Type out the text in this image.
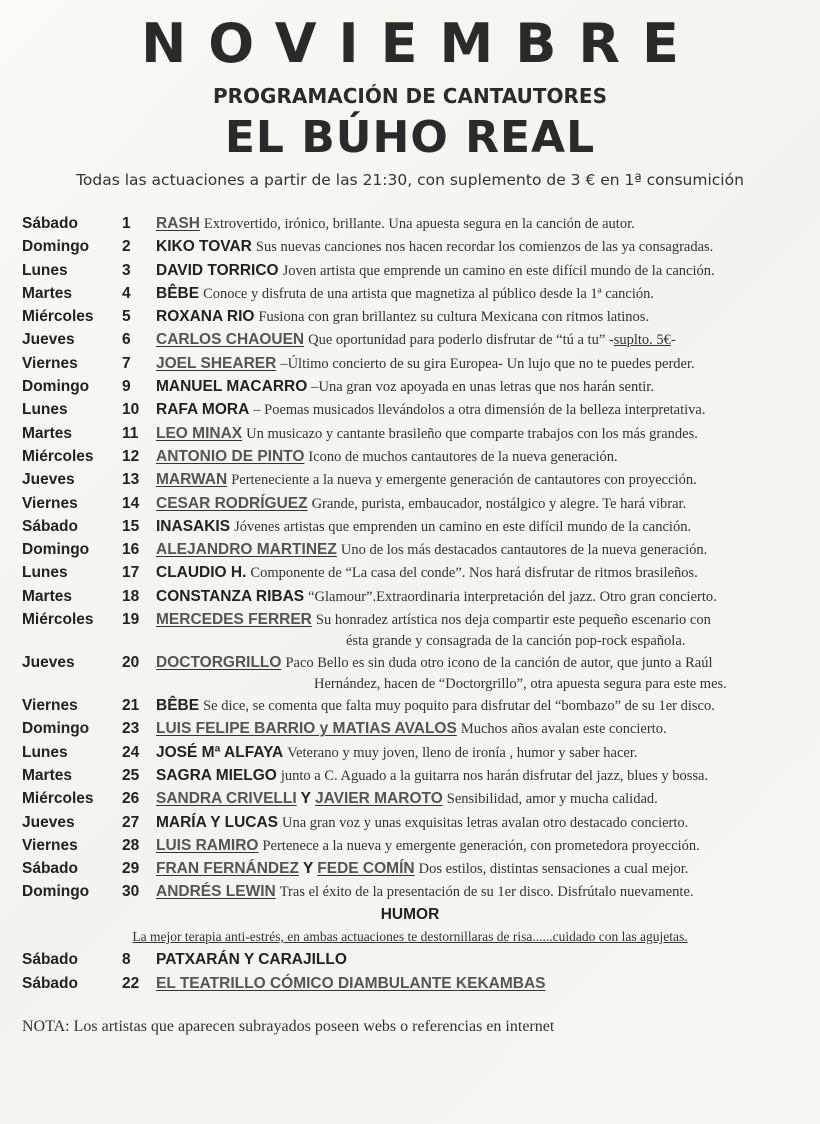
NOVIEMBRE
PROGRAMACIÓN DE CANTAUTORES
EL BÚHO REAL
Todas las actuaciones a partir de las 21:30, con suplemento de 3 € en 1ª consumición
Sábado	1	RASH Extrovertido, irónico, brillante. Una apuesta segura en la canción de autor.
Domingo	2	KIKO TOVAR Sus nuevas canciones nos hacen recordar los comienzos de las ya consagradas.
Lunes	3	DAVID TORRICO Joven artista que emprende un camino en este difícil mundo de la canción.
Martes	4	BÊBE Conoce y disfruta de una artista que magnetiza al público desde la 1ª canción.
Miércoles	5	ROXANA RIO Fusiona con gran brillantez su cultura Mexicana con ritmos latinos.
Jueves	6	CARLOS CHAOUEN Que oportunidad para poderlo disfrutar de “tú a tu” -suplto. 5€-
Viernes	7	JOEL SHEARER –Último concierto de su gira Europea- Un lujo que no te puedes perder.
Domingo	9	MANUEL MACARRO –Una gran voz apoyada en unas letras que nos harán sentir.
Lunes	10	RAFA MORA – Poemas musicados llevándolos a otra dimensión de la belleza interpretativa.
Martes	11	LEO MINAX Un musicazo y cantante brasileño que comparte trabajos con los más grandes.
Miércoles	12	ANTONIO DE PINTO Icono de muchos cantautores de la nueva generación.
Jueves	13	MARWAN Perteneciente a la nueva y emergente generación de cantautores con proyección.
Viernes	14	CESAR RODRÍGUEZ Grande, purista, embaucador, nostálgico y alegre. Te hará vibrar.
Sábado	15	INASAKIS Jóvenes artistas que emprenden un camino en este difícil mundo de la canción.
Domingo	16	ALEJANDRO MARTINEZ Uno de los más destacados cantautores de la nueva generación.
Lunes	17	CLAUDIO H. Componente de “La casa del conde”. Nos hará disfrutar de ritmos brasileños.
Martes	18	CONSTANZA RIBAS “Glamour”.Extraordinaria interpretación del jazz. Otro gran concierto.
Miércoles	19	MERCEDES FERRER Su honradez artística nos deja compartir este pequeño escenario con
ésta grande y consagrada de la canción pop-rock española.
Jueves	20	DOCTORGRILLO Paco Bello es sin duda otro icono de la canción de autor, que junto a Raúl
Hernández, hacen de “Doctorgrillo”, otra apuesta segura para este mes.
Viernes	21	BÊBE Se dice, se comenta que falta muy poquito para disfrutar del “bombazo” de su 1er disco.
Domingo	23	LUIS FELIPE BARRIO y MATIAS AVALOS Muchos años avalan este concierto.
Lunes	24	JOSÉ Mª ALFAYA Veterano y muy joven, lleno de ironía , humor y saber hacer.
Martes	25	SAGRA MIELGO junto a C. Aguado a la guitarra nos harán disfrutar del jazz, blues y bossa.
Miércoles	26	SANDRA CRIVELLI Y JAVIER MAROTO Sensibilidad, amor y mucha calidad.
Jueves	27	MARÍA Y LUCAS Una gran voz y unas exquisitas letras avalan otro destacado concierto.
Viernes	28	LUIS RAMIRO Pertenece a la nueva y emergente generación, con prometedora proyección.
Sábado	29	FRAN FERNÁNDEZ Y FEDE COMÍN Dos estilos, distintas sensaciones a cual mejor.
Domingo	30	ANDRÉS LEWIN Tras el éxito de la presentación de su 1er disco. Disfrútalo nuevamente.
HUMOR
La mejor terapia anti-estrés, en ambas actuaciones te destornillaras de risa......cuidado con las agujetas.
Sábado	8	PATXARÁN Y CARAJILLO
Sábado	22	EL TEATRILLO CÓMICO DIAMBULANTE KEKAMBAS
NOTA: Los artistas que aparecen subrayados poseen webs o referencias en internet
